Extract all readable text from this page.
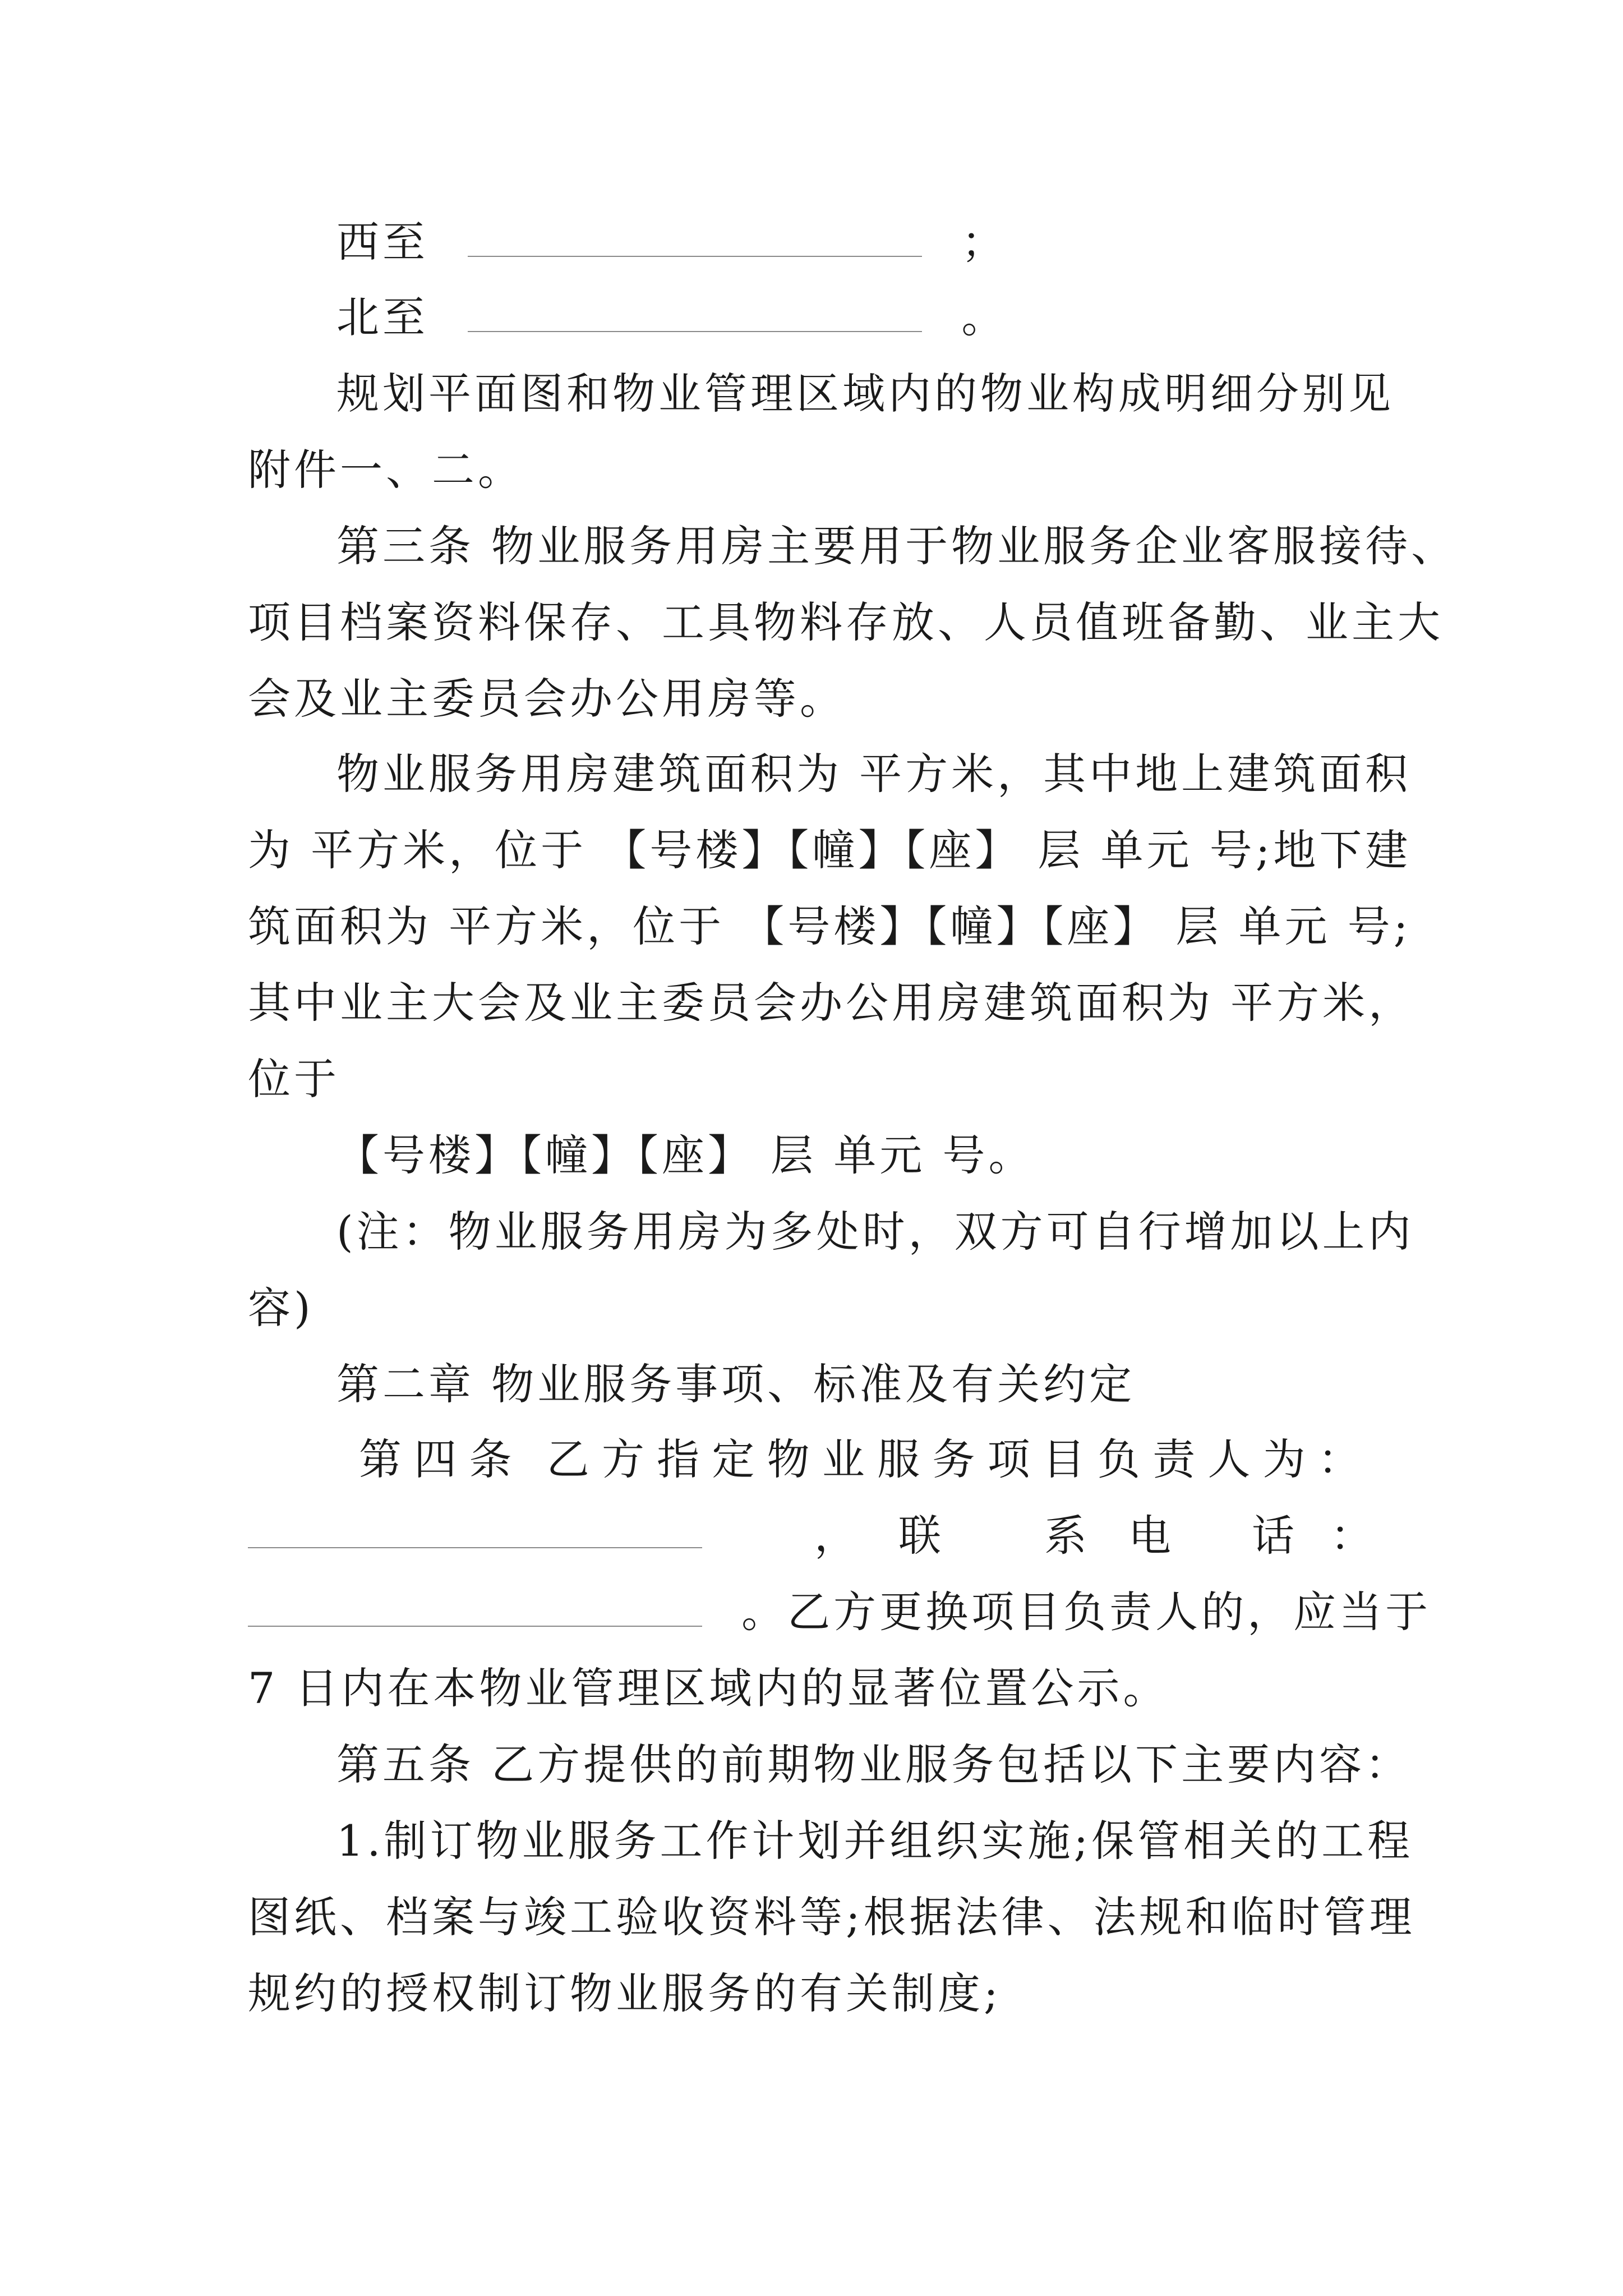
西至	；
北至	。
规划平面图和物业管理区域内的物业构成明细分别见
附件一、二。
第三条 物业服务用房主要用于物业服务企业客服接待、
项目档案资料保存、工具物料存放、人员值班备勤、业主大
会及业主委员会办公用房等。
物业服务用房建筑面积为 平方米，其中地上建筑面积
为 平方米，位于 【号楼】【幢】【座】 层 单元 号;地下建
筑面积为 平方米，位于 【号楼】【幢】【座】 层 单元 号;
其中业主大会及业主委员会办公用房建筑面积为 平方米，
位于
【号楼】【幢】【座】 层 单元 号。
(注：物业服务用房为多处时，双方可自行增加以上内
容)
第二章 物业服务事项、标准及有关约定
第 四 条 乙 方 指 定 物 业 服 务 项 目 负 责 人 为 ：
， 联 系 电 话 ：
。乙方更换项目负责人的，应当于
7 日内在本物业管理区域内的显著位置公示。
第五条 乙方提供的前期物业服务包括以下主要内容：
1.制订物业服务工作计划并组织实施;保管相关的工程
图纸、档案与竣工验收资料等;根据法律、法规和临时管理
规约的授权制订物业服务的有关制度;
